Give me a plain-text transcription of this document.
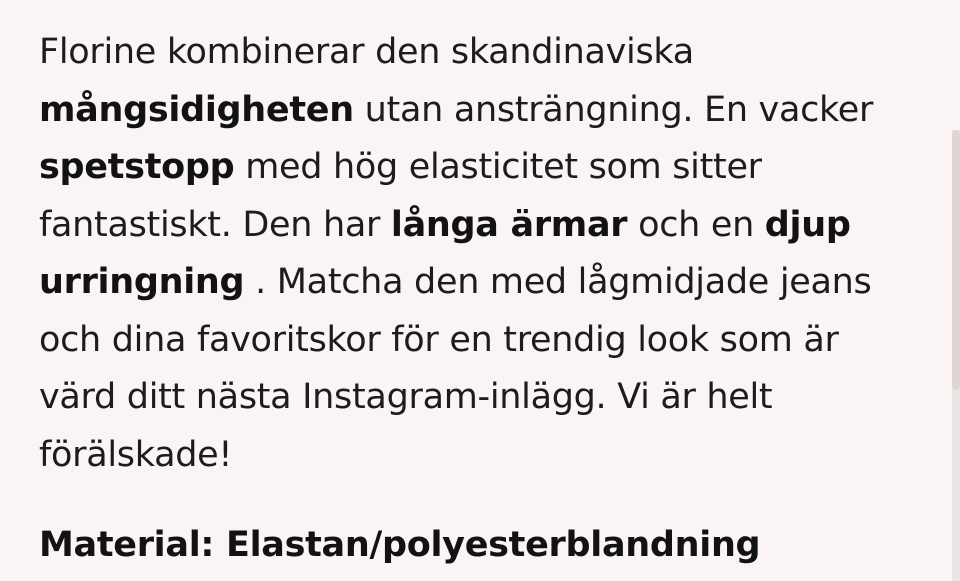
Florine kombinerar den skandinaviska
mångsidigheten utan ansträngning. En vacker
spetstopp med hög elasticitet som sitter fantastiskt. Den har långa ärmar och en djup urringning . Matcha den med lågmidjade jeans och dina favoritskor för en trendig look som är värd ditt nästa Instagram-inlägg. Vi är helt förälskade!

Material: Elastan/polyesterblandning
